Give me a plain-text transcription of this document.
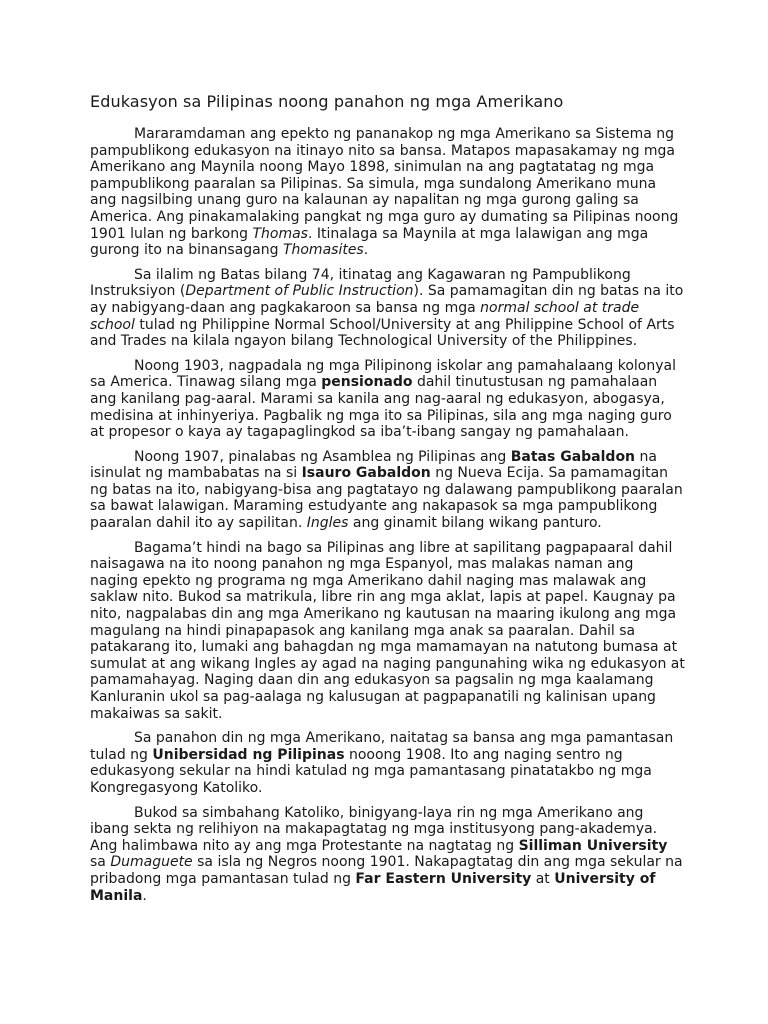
Edukasyon sa Pilipinas noong panahon ng mga Amerikano

Mararamdaman ang epekto ng pananakop ng mga Amerikano sa Sistema ng pampublikong edukasyon na itinayo nito sa bansa. Matapos mapasakamay ng mga Amerikano ang Maynila noong Mayo 1898, sinimulan na ang pagtatatag ng mga pampublikong paaralan sa Pilipinas. Sa simula, mga sundalong Amerikano muna ang nagsilbing unang guro na kalaunan ay napalitan ng mga gurong galing sa America. Ang pinakamalaking pangkat ng mga guro ay dumating sa Pilipinas noong 1901 lulan ng barkong Thomas. Itinalaga sa Maynila at mga lalawigan ang mga gurong ito na binansagang Thomasites.

Sa ilalim ng Batas bilang 74, itinatag ang Kagawaran ng Pampublikong Instruksiyon (Department of Public Instruction). Sa pamamagitan din ng batas na ito ay nabigyang-daan ang pagkakaroon sa bansa ng mga normal school at trade school tulad ng Philippine Normal School/University at ang Philippine School of Arts and Trades na kilala ngayon bilang Technological University of the Philippines.

Noong 1903, nagpadala ng mga Pilipinong iskolar ang pamahalaang kolonyal sa America. Tinawag silang mga pensionado dahil tinutustusan ng pamahalaan ang kanilang pag-aaral. Marami sa kanila ang nag-aaral ng edukasyon, abogasya, medisina at inhinyeriya. Pagbalik ng mga ito sa Pilipinas, sila ang mga naging guro at propesor o kaya ay tagapaglingkod sa iba’t-ibang sangay ng pamahalaan.

Noong 1907, pinalabas ng Asamblea ng Pilipinas ang Batas Gabaldon na isinulat ng mambabatas na si Isauro Gabaldon ng Nueva Ecija. Sa pamamagitan ng batas na ito, nabigyang-bisa ang pagtatayo ng dalawang pampublikong paaralan sa bawat lalawigan. Maraming estudyante ang nakapasok sa mga pampublikong paaralan dahil ito ay sapilitan. Ingles ang ginamit bilang wikang panturo.

Bagama’t hindi na bago sa Pilipinas ang libre at sapilitang pagpapaaral dahil naisagawa na ito noong panahon ng mga Espanyol, mas malakas naman ang naging epekto ng programa ng mga Amerikano dahil naging mas malawak ang saklaw nito. Bukod sa matrikula, libre rin ang mga aklat, lapis at papel. Kaugnay pa nito, nagpalabas din ang mga Amerikano ng kautusan na maaring ikulong ang mga magulang na hindi pinapapasok ang kanilang mga anak sa paaralan. Dahil sa patakarang ito, lumaki ang bahagdan ng mga mamamayan na natutong bumasa at sumulat at ang wikang Ingles ay agad na naging pangunahing wika ng edukasyon at pamamahayag. Naging daan din ang edukasyon sa pagsalin ng mga kaalamang Kanluranin ukol sa pag-aalaga ng kalusugan at pagpapanatili ng kalinisan upang makaiwas sa sakit.

Sa panahon din ng mga Amerikano, naitatag sa bansa ang mga pamantasan tulad ng Unibersidad ng Pilipinas nooong 1908. Ito ang naging sentro ng edukasyong sekular na hindi katulad ng mga pamantasang pinatatakbo ng mga Kongregasyong Katoliko.

Bukod sa simbahang Katoliko, binigyang-laya rin ng mga Amerikano ang ibang sekta ng relihiyon na makapagtatag ng mga institusyong pang-akademya. Ang halimbawa nito ay ang mga Protestante na nagtatag ng Silliman University sa Dumaguete sa isla ng Negros noong 1901. Nakapagtatag din ang mga sekular na pribadong mga pamantasan tulad ng Far Eastern University at University of Manila.
